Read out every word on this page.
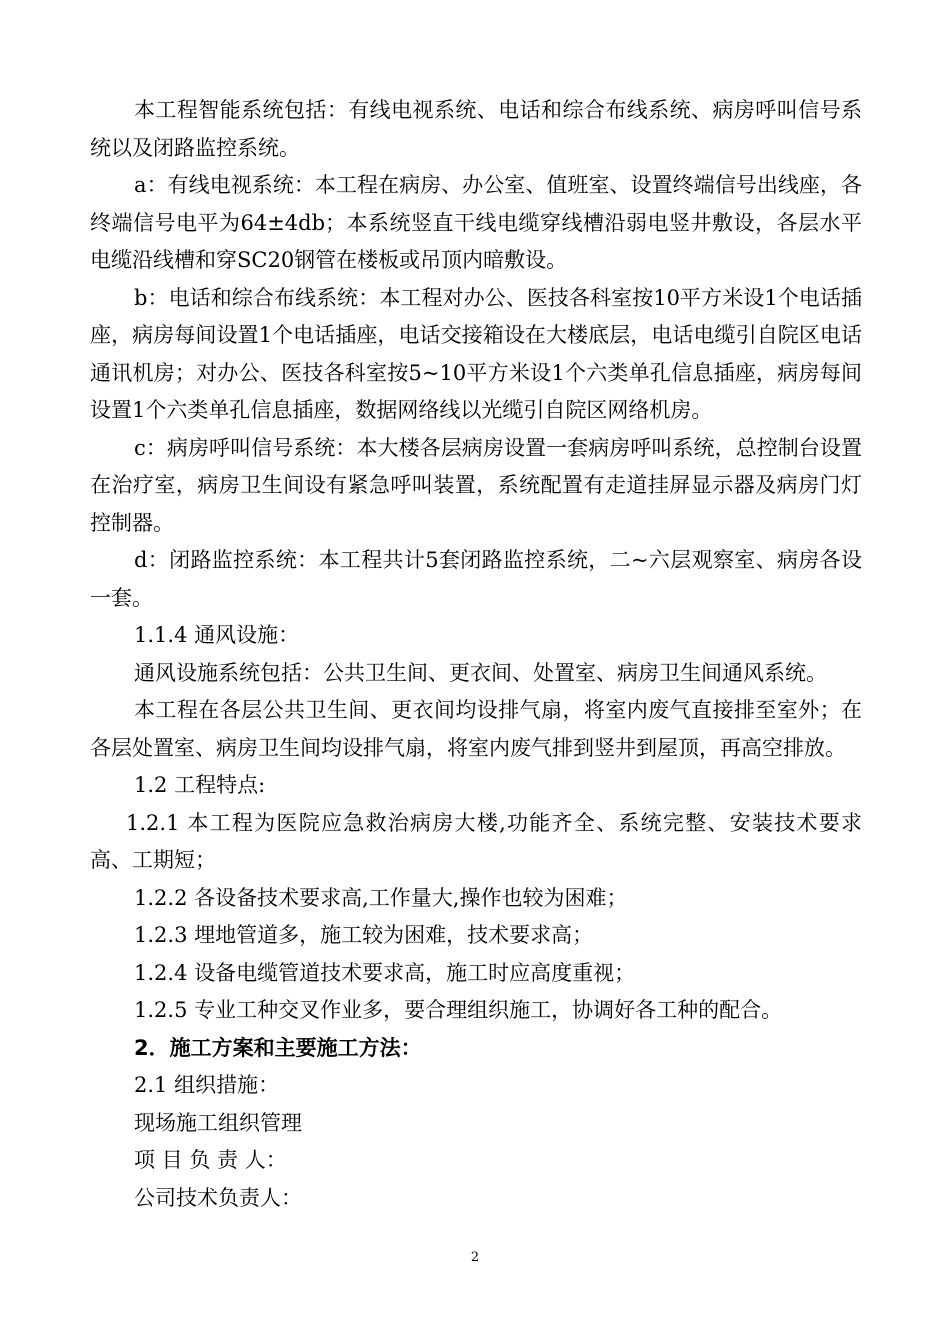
本工程智能系统包括：有线电视系统、电话和综合布线系统、病房呼叫信号系统以及闭路监控系统。

a：有线电视系统：本工程在病房、办公室、值班室、设置终端信号出线座，各终端信号电平为64±4db；本系统竖直干线电缆穿线槽沿弱电竖井敷设，各层水平电缆沿线槽和穿SC20钢管在楼板或吊顶内暗敷设。

b：电话和综合布线系统：本工程对办公、医技各科室按10平方米设1个电话插座，病房每间设置1个电话插座，电话交接箱设在大楼底层，电话电缆引自院区电话通讯机房；对办公、医技各科室按5~10平方米设1个六类单孔信息插座，病房每间设置1个六类单孔信息插座，数据网络线以光缆引自院区网络机房。

c：病房呼叫信号系统：本大楼各层病房设置一套病房呼叫系统，总控制台设置在治疗室，病房卫生间设有紧急呼叫装置，系统配置有走道挂屏显示器及病房门灯控制器。

d：闭路监控系统：本工程共计5套闭路监控系统，二~六层观察室、病房各设一套。

1.1.4 通风设施：

通风设施系统包括：公共卫生间、更衣间、处置室、病房卫生间通风系统。

本工程在各层公共卫生间、更衣间均设排气扇，将室内废气直接排至室外；在各层处置室、病房卫生间均设排气扇，将室内废气排到竖井到屋顶，再高空排放。

1.2 工程特点:

1.2.1 本工程为医院应急救治病房大楼,功能齐全、系统完整、安装技术要求高、工期短；

1.2.2 各设备技术要求高,工作量大,操作也较为困难；

1.2.3 埋地管道多，施工较为困难，技术要求高；

1.2.4 设备电缆管道技术要求高，施工时应高度重视；

1.2.5 专业工种交叉作业多，要合理组织施工，协调好各工种的配合。

2．施工方案和主要施工方法：

2.1 组织措施：

现场施工组织管理

项 目 负 责 人：

公司技术负责人：

2
